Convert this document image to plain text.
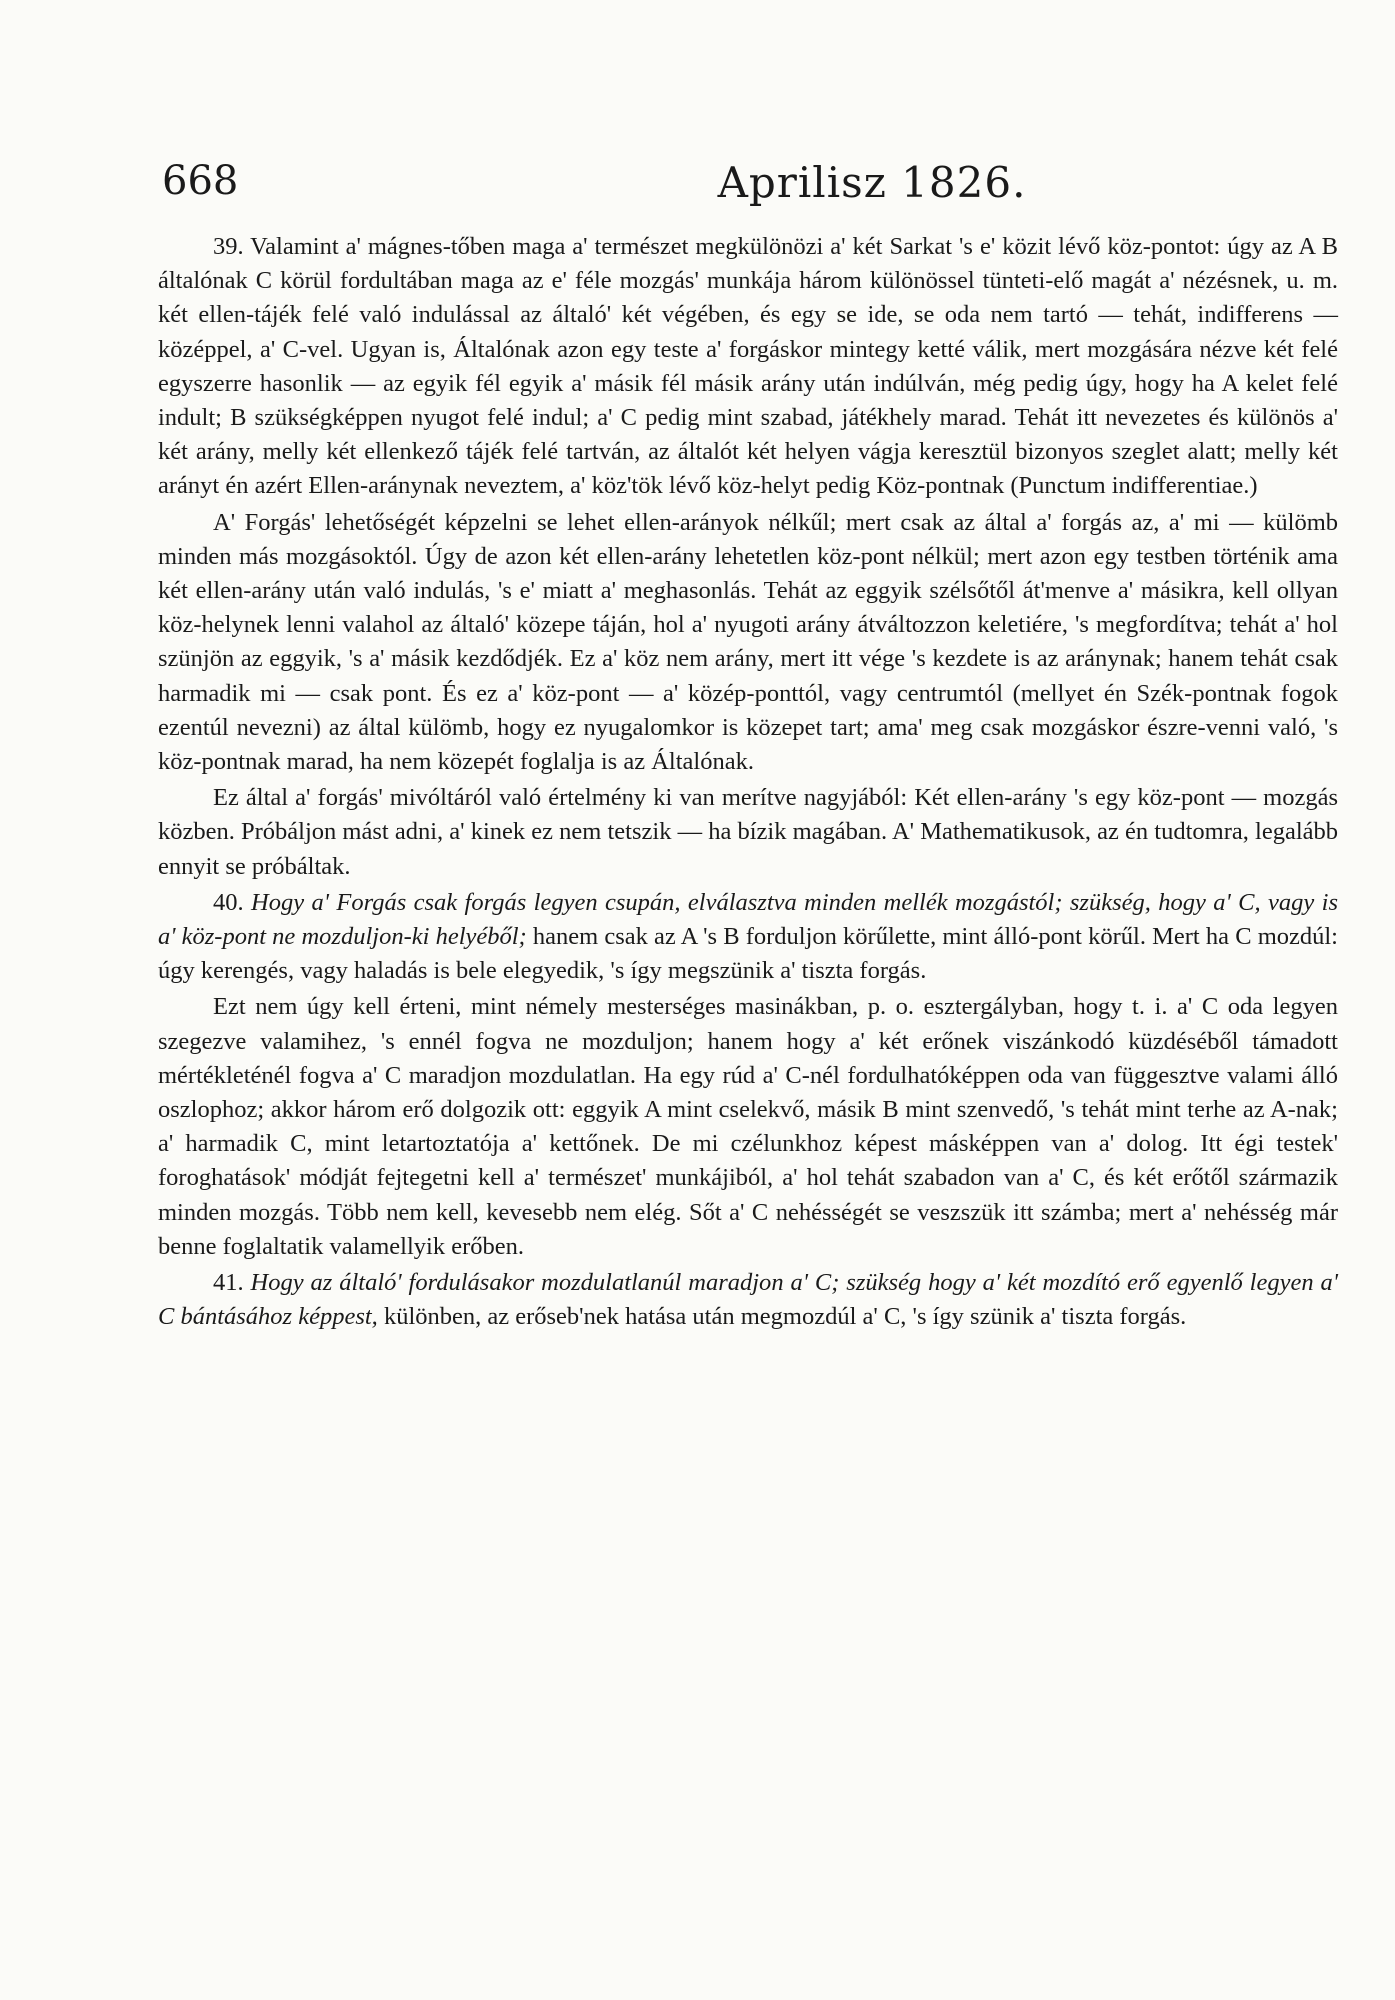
668	Aprilisz 1826.

39. Valamint a' mágnes-tőben maga a' természet megkülönözi a' két Sarkat 's e' közit lévő köz-pontot: úgy az A B általónak C körül fordultában maga az e' féle mozgás' munkája három különössel tünteti-elő magát a' nézésnek, u. m. két ellen-tájék felé való indulással az általó' két végében, és egy se ide, se oda nem tartó — tehát, indifferens — középpel, a' C-vel. Ugyan is, Általónak azon egy teste a' forgáskor mintegy ketté válik, mert mozgására nézve két felé egyszerre hasonlik — az egyik fél egyik a' másik fél másik arány után indúlván, még pedig úgy, hogy ha A kelet felé indult; B szükségképpen nyugot felé indul; a' C pedig mint szabad, játékhely marad. Tehát itt nevezetes és különös a' két arány, melly két ellenkező tájék felé tartván, az általót két helyen vágja keresztül bizonyos szeglet alatt; melly két arányt én azért Ellen-aránynak neveztem, a' köz'tök lévő köz-helyt pedig Köz-pontnak (Punctum indifferentiae.)

A' Forgás' lehetőségét képzelni se lehet ellen-arányok nélkűl; mert csak az által a' forgás az, a' mi — külömb minden más mozgásoktól. Úgy de azon két ellen-arány lehetetlen köz-pont nélkül; mert azon egy testben történik ama két ellen-arány után való indulás, 's e' miatt a' meghasonlás. Tehát az eggyik szélsőtől át'menve a' másikra, kell ollyan köz-helynek lenni valahol az általó' közepe táján, hol a' nyugoti arány átváltozzon keletiére, 's megfordítva; tehát a' hol szünjön az eggyik, 's a' másik kezdődjék. Ez a' köz nem arány, mert itt vége 's kezdete is az aránynak; hanem tehát csak harmadik mi — csak pont. És ez a' köz-pont — a' közép-ponttól, vagy centrumtól (mellyet én Szék-pontnak fogok ezentúl nevezni) az által külömb, hogy ez nyugalomkor is közepet tart; ama' meg csak mozgáskor észre-venni való, 's köz-pontnak marad, ha nem közepét foglalja is az Általónak.

Ez által a' forgás' mivóltáról való értelmény ki van merítve nagyjából: Két ellen-arány 's egy köz-pont — mozgás közben. Próbáljon mást adni, a' kinek ez nem tetszik — ha bízik magában. A' Mathematikusok, az én tudtomra, legalább ennyit se próbáltak.

40. Hogy a' Forgás csak forgás legyen csupán, elválasztva minden mellék mozgástól; szükség, hogy a' C, vagy is a' köz-pont ne mozduljon-ki helyéből; hanem csak az A 's B forduljon körűlette, mint álló-pont körűl. Mert ha C mozdúl: úgy kerengés, vagy haladás is bele elegyedik, 's így megszünik a' tiszta forgás.

Ezt nem úgy kell érteni, mint némely mesterséges masinákban, p. o. esztergályban, hogy t. i. a' C oda legyen szegezve valamihez, 's ennél fogva ne mozduljon; hanem hogy a' két erőnek viszánkodó küzdéséből támadott mértékleténél fogva a' C maradjon mozdulatlan. Ha egy rúd a' C-nél fordulhatóképpen oda van függesztve valami álló oszlophoz; akkor három erő dolgozik ott: eggyik A mint cselekvő, másik B mint szenvedő, 's tehát mint terhe az A-nak; a' harmadik C, mint letartoztatója a' kettőnek. De mi czélunkhoz képest másképpen van a' dolog. Itt égi testek' foroghatások' módját fejtegetni kell a' természet' munkájiból, a' hol tehát szabadon van a' C, és két erőtől származik minden mozgás. Több nem kell, kevesebb nem elég. Sőt a' C nehésségét se veszszük itt számba; mert a' nehésség már benne foglaltatik valamellyik erőben.

41. Hogy az általó' fordulásakor mozdulatlanúl maradjon a' C; szükség hogy a' két mozdító erő egyenlő legyen a' C bántásához képpest, különben, az erőseb'nek hatása után megmozdúl a' C, 's így szünik a' tiszta forgás.
